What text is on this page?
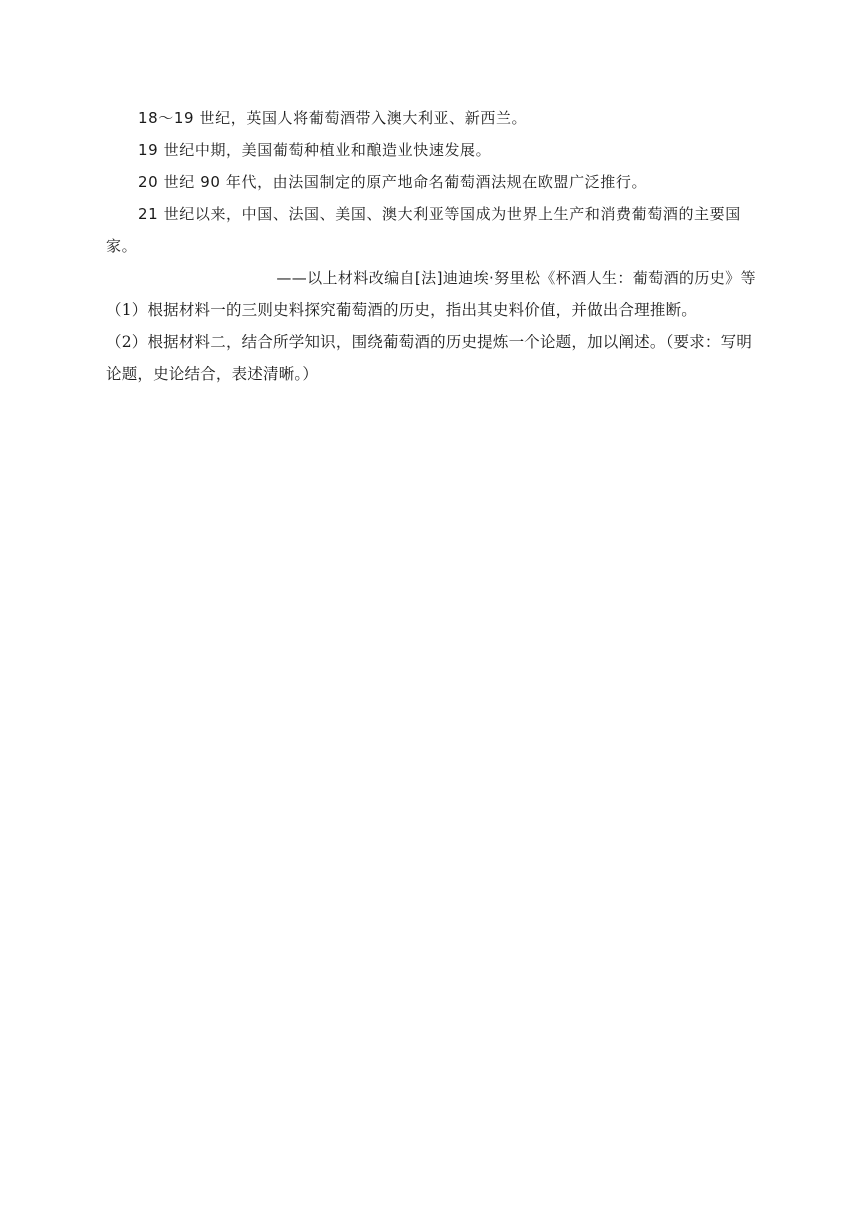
18～19 世纪，英国人将葡萄酒带入澳大利亚、新西兰。

19 世纪中期，美国葡萄种植业和酿造业快速发展。

20 世纪 90 年代，由法国制定的原产地命名葡萄酒法规在欧盟广泛推行。

21 世纪以来，中国、法国、美国、澳大利亚等国成为世界上生产和消费葡萄酒的主要国家。

——以上材料改编自[法]迪迪埃·努里松《杯酒人生：葡萄酒的历史》等

（1）根据材料一的三则史料探究葡萄酒的历史，指出其史料价值，并做出合理推断。

（2）根据材料二，结合所学知识，围绕葡萄酒的历史提炼一个论题，加以阐述。（要求：写明论题，史论结合，表述清晰。）
